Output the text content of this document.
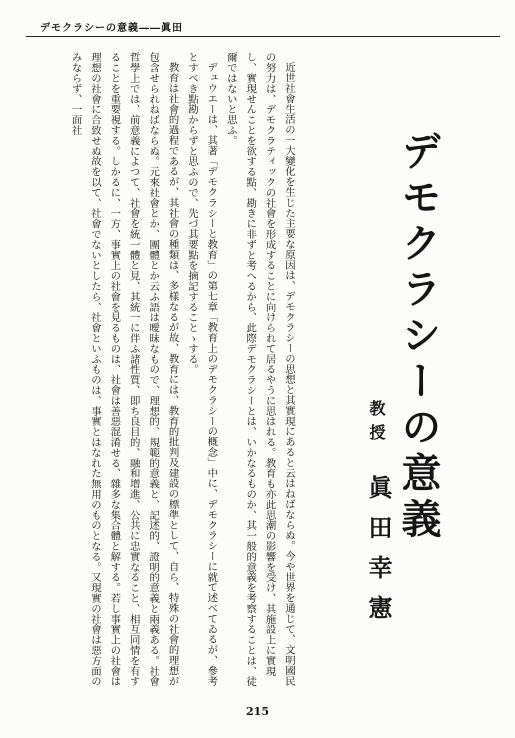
デモクラシーの意義――眞田

近世社會生活の一大變化を生じた主要な原因は、デモクラシーの思想と其實現にあると云はねばならぬ。今や世界を通じて、文明國民の努力は、デモクラティックの社會を形成することに向けられて居るやうに思はれる。教育も亦此思潮の影響を受け、其施設上に實現し、實現せんことを欲する點、勘きに非ずと考へるから、此際デモクラシーとは、いかなるものか、其一般的意義を考察することは、徒爾ではないと思ふ。

デュウエーは、其著「デモクラシーと教育」の第七章「教育上のデモクラシーの概念」中に、デモクラシーに就て述べてゐるが、參考とすべき點勘からずと思ふので、先づ其要點を摘記することゝする。

教育は社會的過程であるが、其社會の種類は、多樣なるが故、教育には、教育的批判及建設の標準として、自ら、特殊の社會的理想が包含せられねばならぬ。元來社會とか、團體とか云ふ語は曖昧なもので、理想的、規範的意義と、記述的、證明的意義と兩義ある。社會哲學上では、前意義によつて、社會を統一體と見、其統一に伴ふ諸性質、即ち良目的、融和增進、公共に忠實なること、相互同情を有することを重要視する。しかるに、一方、事實上の社會を見るものは、社會は善惡混淆せる、雜多な集合體と解する。若し事實上の社會は理想の社會に合致せぬ故を以て、社會でないとしたら、社會といふものは、事實とはなれた無用のものとなる。又現實の社會は惡方面のみならず、一面社

デモクラシーの意義
教授
眞田幸憲
215
